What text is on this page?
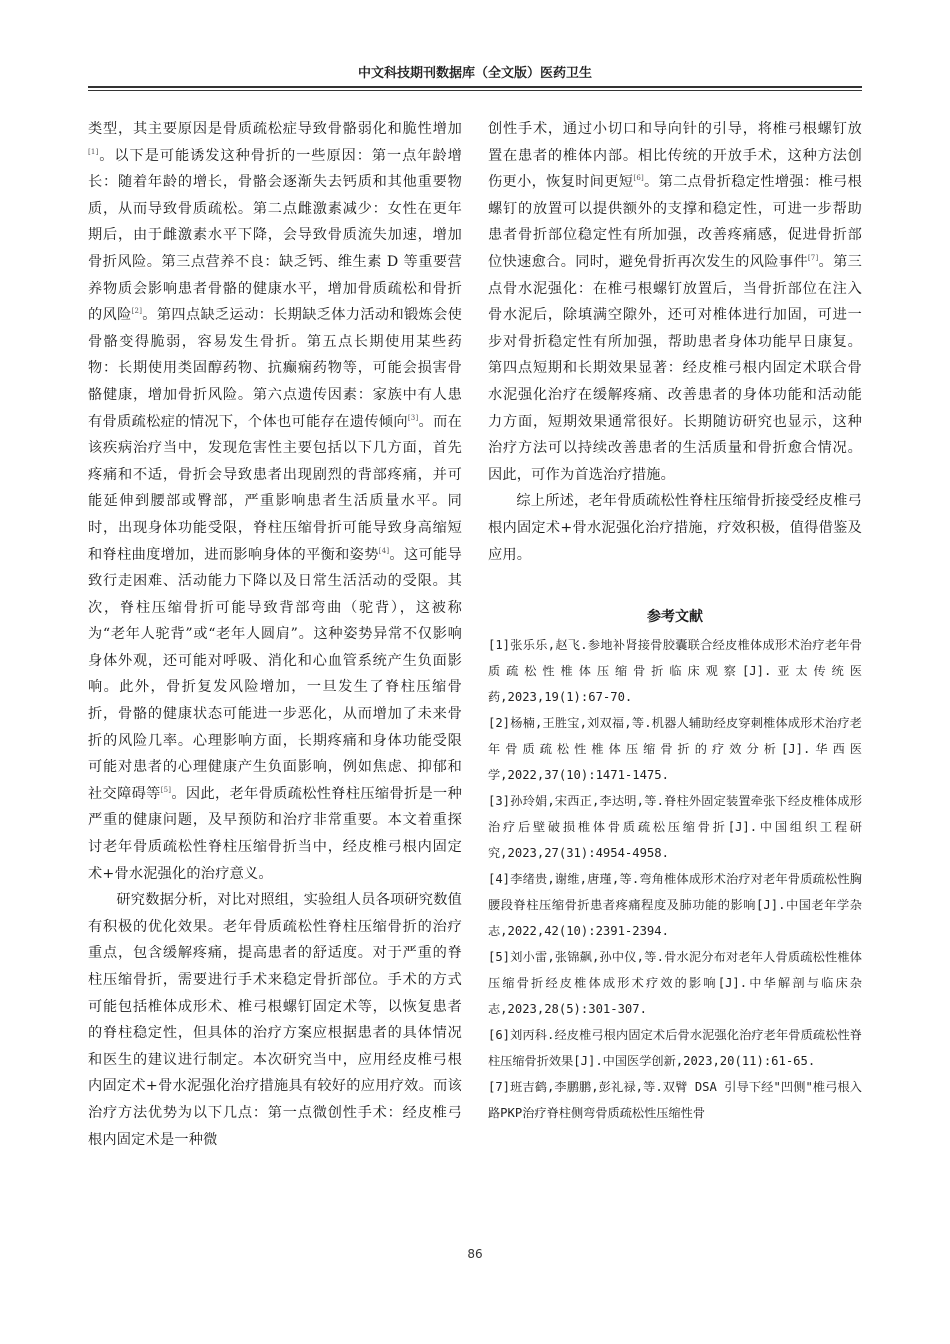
中文科技期刊数据库（全文版）医药卫生

类型，其主要原因是骨质疏松症导致骨骼弱化和脆性增加[1]。以下是可能诱发这种骨折的一些原因：第一点年龄增长：随着年龄的增长，骨骼会逐渐失去钙质和其他重要物质，从而导致骨质疏松。第二点雌激素减少：女性在更年期后，由于雌激素水平下降，会导致骨质流失加速，增加骨折风险。第三点营养不良：缺乏钙、维生素 D 等重要营养物质会影响患者骨骼的健康水平，增加骨质疏松和骨折的风险[2]。第四点缺乏运动：长期缺乏体力活动和锻炼会使骨骼变得脆弱，容易发生骨折。第五点长期使用某些药物：长期使用类固醇药物、抗癫痫药物等，可能会损害骨骼健康，增加骨折风险。第六点遗传因素：家族中有人患有骨质疏松症的情况下，个体也可能存在遗传倾向[3]。而在该疾病治疗当中，发现危害性主要包括以下几方面，首先疼痛和不适，骨折会导致患者出现剧烈的背部疼痛，并可能延伸到腰部或臀部，严重影响患者生活质量水平。同时，出现身体功能受限，脊柱压缩骨折可能导致身高缩短和脊柱曲度增加，进而影响身体的平衡和姿势[4]。这可能导致行走困难、活动能力下降以及日常生活活动的受限。其次，脊柱压缩骨折可能导致背部弯曲（驼背），这被称为“老年人驼背”或“老年人圆肩”。这种姿势异常不仅影响身体外观，还可能对呼吸、消化和心血管系统产生负面影响。此外，骨折复发风险增加，一旦发生了脊柱压缩骨折，骨骼的健康状态可能进一步恶化，从而增加了未来骨折的风险几率。心理影响方面，长期疼痛和身体功能受限可能对患者的心理健康产生负面影响，例如焦虑、抑郁和社交障碍等[5]。因此，老年骨质疏松性脊柱压缩骨折是一种严重的健康问题，及早预防和治疗非常重要。本文着重探讨老年骨质疏松性脊柱压缩骨折当中，经皮椎弓根内固定术+骨水泥强化的治疗意义。

研究数据分析，对比对照组，实验组人员各项研究数值有积极的优化效果。老年骨质疏松性脊柱压缩骨折的治疗重点，包含缓解疼痛，提高患者的舒适度。对于严重的脊柱压缩骨折，需要进行手术来稳定骨折部位。手术的方式可能包括椎体成形术、椎弓根螺钉固定术等，以恢复患者的脊柱稳定性，但具体的治疗方案应根据患者的具体情况和医生的建议进行制定。本次研究当中，应用经皮椎弓根内固定术+骨水泥强化治疗措施具有较好的应用疗效。而该治疗方法优势为以下几点：第一点微创性手术：经皮椎弓根内固定术是一种微

创性手术，通过小切口和导向针的引导，将椎弓根螺钉放置在患者的椎体内部。相比传统的开放手术，这种方法创伤更小，恢复时间更短[6]。第二点骨折稳定性增强：椎弓根螺钉的放置可以提供额外的支撑和稳定性，可进一步帮助患者骨折部位稳定性有所加强，改善疼痛感，促进骨折部位快速愈合。同时，避免骨折再次发生的风险事件[7]。第三点骨水泥强化：在椎弓根螺钉放置后，当骨折部位在注入骨水泥后，除填满空隙外，还可对椎体进行加固，可进一步对骨折稳定性有所加强，帮助患者身体功能早日康复。第四点短期和长期效果显著：经皮椎弓根内固定术联合骨水泥强化治疗在缓解疼痛、改善患者的身体功能和活动能力方面，短期效果通常很好。长期随访研究也显示，这种治疗方法可以持续改善患者的生活质量和骨折愈合情况。因此，可作为首选治疗措施。

综上所述，老年骨质疏松性脊柱压缩骨折接受经皮椎弓根内固定术+骨水泥强化治疗措施，疗效积极，值得借鉴及应用。

参考文献

[1]张乐乐,赵飞.参地补肾接骨胶囊联合经皮椎体成形术治疗老年骨质疏松性椎体压缩骨折临床观察[J].亚太传统医药,2023,19(1):67-70.

[2]杨楠,王胜宝,刘双福,等.机器人辅助经皮穿刺椎体成形术治疗老年骨质疏松性椎体压缩骨折的疗效分析[J].华西医学,2022,37(10):1471-1475.

[3]孙玲娟,宋西正,李达明,等.脊柱外固定装置牵张下经皮椎体成形治疗后壁破损椎体骨质疏松压缩骨折[J].中国组织工程研究,2023,27(31):4954-4958.

[4]李绪贵,谢维,唐瑾,等.弯角椎体成形术治疗对老年骨质疏松性胸腰段脊柱压缩骨折患者疼痛程度及肺功能的影响[J].中国老年学杂志,2022,42(10):2391-2394.

[5]刘小雷,张锦飙,孙中仪,等.骨水泥分布对老年人骨质疏松性椎体压缩骨折经皮椎体成形术疗效的影响[J].中华解剖与临床杂志,2023,28(5):301-307.

[6]刘丙科.经皮椎弓根内固定术后骨水泥强化治疗老年骨质疏松性脊柱压缩骨折效果[J].中国医学创新,2023,20(11):61-65.

[7]班吉鹤,李鹏鹏,彭礼禄,等.双臂 DSA 引导下经"凹侧"椎弓根入路PKP治疗脊柱侧弯骨质疏松性压缩性骨

86
